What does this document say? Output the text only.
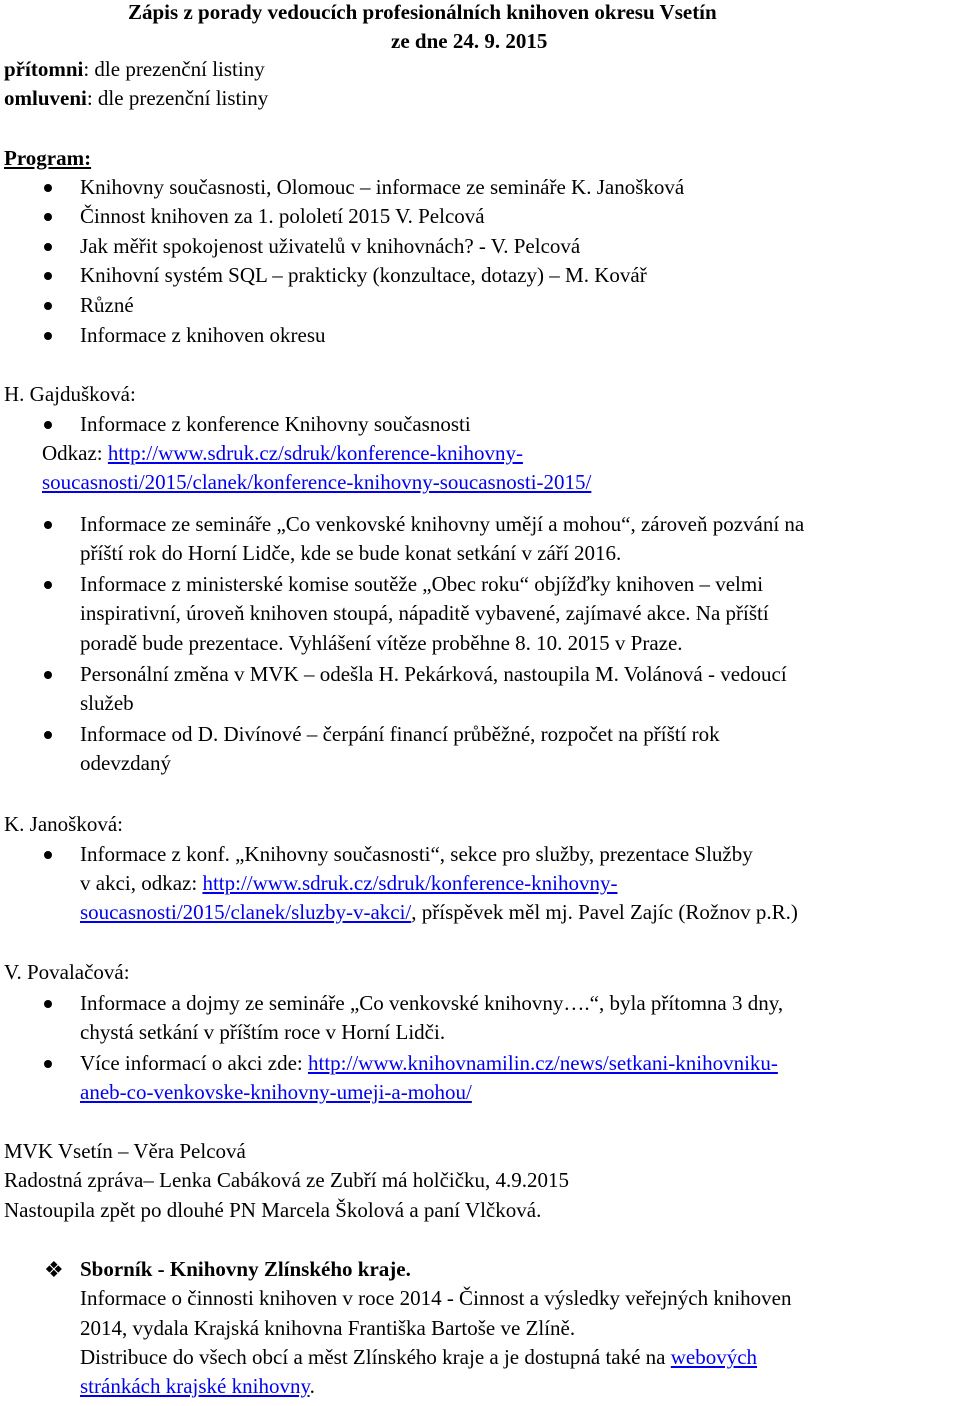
Zápis z porady vedoucích profesionálních knihoven okresu Vsetín
ze dne 24. 9. 2015
přítomni: dle prezenční listiny
omluveni: dle prezenční listiny
Program:
Knihovny současnosti, Olomouc – informace ze semináře K. Janošková
Činnost knihoven za 1. pololetí 2015 V. Pelcová
Jak měřit spokojenost uživatelů v knihovnách? - V. Pelcová
Knihovní systém SQL – prakticky (konzultace, dotazy) – M. Kovář
Různé
Informace z knihoven okresu
H. Gajdušková:
Informace z konference Knihovny současnosti
Odkaz: http://www.sdruk.cz/sdruk/konference-knihovny-
soucasnosti/2015/clanek/konference-knihovny-soucasnosti-2015/
Informace ze semináře „Co venkovské knihovny umějí a mohou“, zároveň pozvání na
příští rok do Horní Lidče, kde se bude konat setkání v září 2016.
Informace z ministerské komise soutěže „Obec roku“ objížďky knihoven – velmi
inspirativní, úroveň knihoven stoupá, nápaditě vybavené, zajímavé akce. Na příští
poradě bude prezentace. Vyhlášení vítěze proběhne 8. 10. 2015 v Praze.
Personální změna v MVK – odešla H. Pekárková, nastoupila M. Volánová - vedoucí
služeb
Informace od D. Divínové – čerpání financí průběžné, rozpočet na příští rok
odevzdaný
K. Janošková:
Informace z konf. „Knihovny současnosti“, sekce pro služby, prezentace Služby
v akci, odkaz: http://www.sdruk.cz/sdruk/konference-knihovny-
soucasnosti/2015/clanek/sluzby-v-akci/, příspěvek měl mj. Pavel Zajíc (Rožnov p.R.)
V. Povalačová:
Informace a dojmy ze semináře „Co venkovské knihovny….“, byla přítomna 3 dny,
chystá setkání v příštím roce v Horní Lidči.
Více informací o akci zde: http://www.knihovnamilin.cz/news/setkani-knihovniku-
aneb-co-venkovske-knihovny-umeji-a-mohou/
MVK Vsetín – Věra Pelcová
Radostná zpráva– Lenka Cabáková ze Zubří má holčičku, 4.9.2015
Nastoupila zpět po dlouhé PN Marcela Školová a paní Vlčková.
❖ Sborník - Knihovny Zlínského kraje.
Informace o činnosti knihoven v roce 2014 - Činnost a výsledky veřejných knihoven
2014, vydala Krajská knihovna Františka Bartoše ve Zlíně.
Distribuce do všech obcí a měst Zlínského kraje a je dostupná také na webových
stránkách krajské knihovny.
